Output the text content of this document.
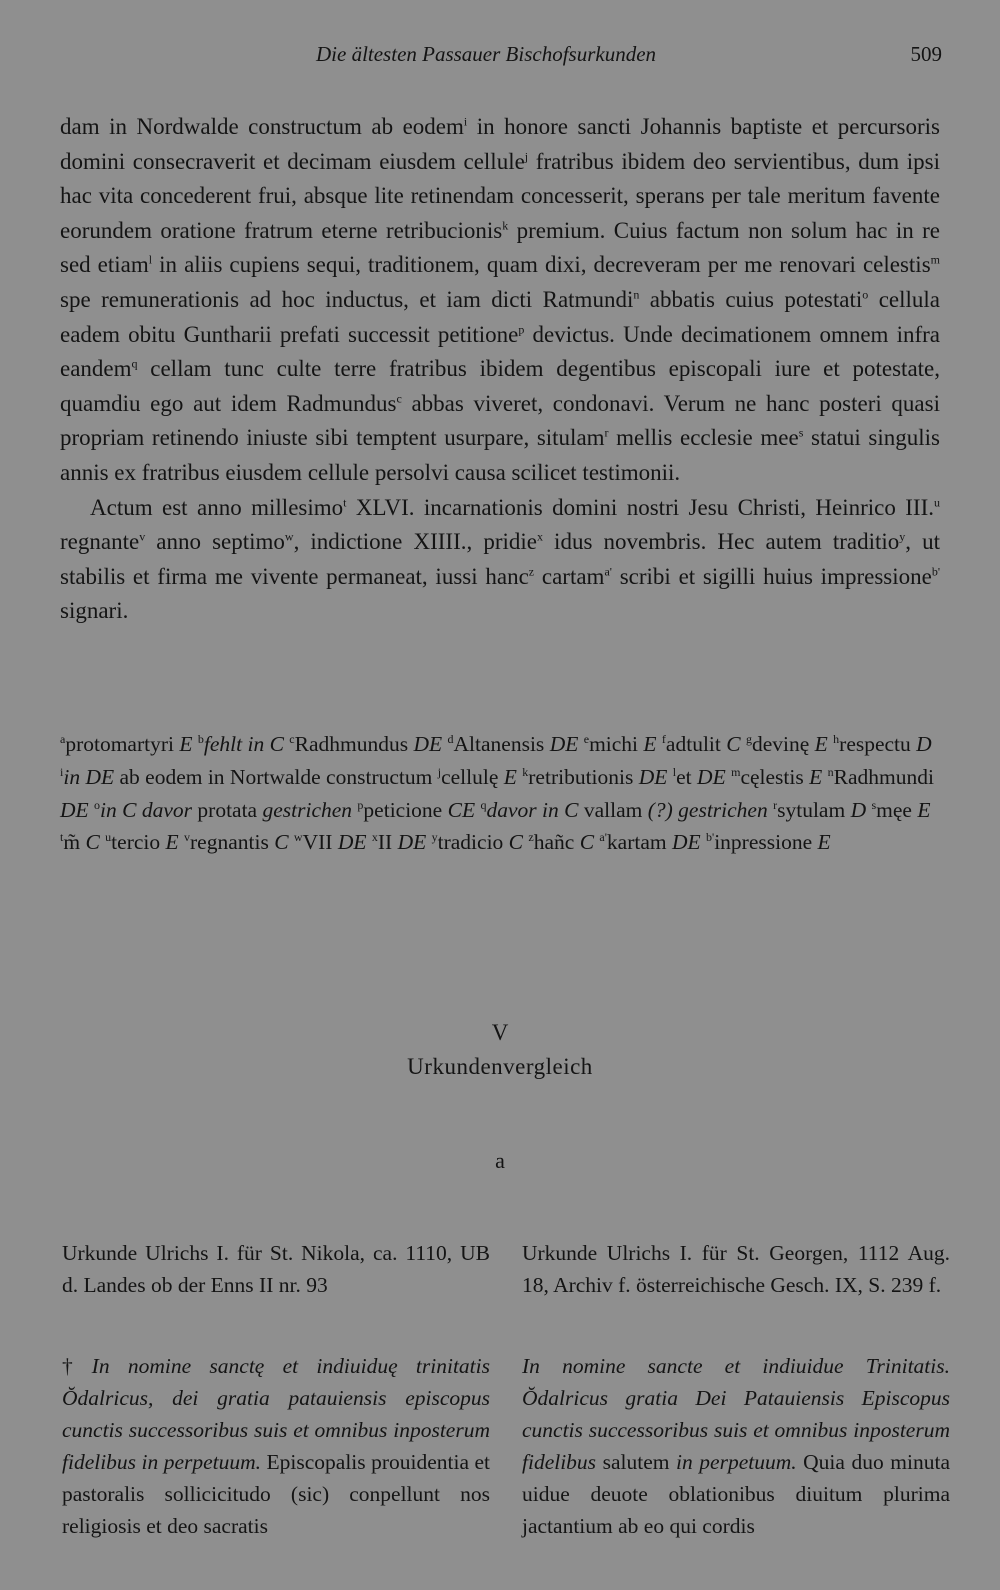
Die ältesten Passauer Bischofsurkunden	509

dam in Nordwalde constructum ab eodem$^i$ in honore sancti Johannis baptiste et percursoris domini consecraverit et decimam eiusdem cellule$^j$ fratribus ibidem deo servientibus, dum ipsi hac vita concederent frui, absque lite retinendam concesserit, sperans per tale meritum favente eorundem oratione fratrum eterne retribucionis$^k$ premium. Cuius factum non solum hac in re sed etiam$^l$ in aliis cupiens sequi, traditionem, quam dixi, decreveram per me renovari celestis$^m$ spe remunerationis ad hoc inductus, et iam dicti Ratmundi$^n$ abbatis cuius potestati$^o$ cellula eadem obitu Guntharii prefati successit petitione$^p$ devictus. Unde decimationem omnem infra eandem$^q$ cellam tunc culte terre fratribus ibidem degentibus episcopali iure et potestate, quamdiu ego aut idem Radmundus$^c$ abbas viveret, condonavi. Verum ne hanc posteri quasi propriam retinendo iniuste sibi temptent usurpare, situlam$^r$ mellis ecclesie mee$^s$ statui singulis annis ex fratribus eiusdem cellule persolvi causa scilicet testimonii.

Actum est anno millesimo$^t$ XLVI. incarnationis domini nostri Jesu Christi, Heinrico III.$^u$ regnante$^v$ anno septimo$^w$, indictione XIIII., pridie$^x$ idus novembris. Hec autem traditio$^y$, ut stabilis et firma me vivente permaneat, iussi hanc$^z$ cartam$^{a'}$ scribi et sigilli huius impressione$^{b'}$ signari.

$^a$protomartyri E $^b$fehlt in C $^c$Radhmundus DE $^d$Altanensis DE $^e$michi E $^f$adtulit C $^g$devinę E $^h$respectu D $^i$in DE ab eodem in Nortwalde constructum $^j$cellulę E $^k$retributionis DE $^l$et DE $^m$cęlestis E $^n$Radhmundi DE $^o$in C davor protata gestrichen $^p$peticione CE $^q$davor in C vallam (?) gestrichen $^r$sytulam D $^s$męe E $^t$m̃ C $^u$tercio E $^v$regnantis C $^w$VII DE $^x$II DE $^y$tradicio C $^z$hañc C $^{a'}$kartam DE $^{b'}$inpressione E
V
Urkundenvergleich
a
Urkunde Ulrichs I. für St. Nikola, ca. 1110, UB d. Landes ob der Enns II nr. 93
Urkunde Ulrichs I. für St. Georgen, 1112 Aug. 18, Archiv f. österreichische Gesch. IX, S. 239 f.
† In nomine sanctę et indiuiduę trinitatis Ŏdalricus, dei gratia patauiensis episcopus cunctis successoribus suis et omnibus inposterum fidelibus in perpetuum. Episcopalis prouidentia et pastoralis sollicicitudo (sic) conpellunt nos religiosis et deo sacratis
In nomine sancte et indiuidue Trinitatis. Ŏdalricus gratia Dei Patauiensis Episcopus cunctis successoribus suis et omnibus inposterum fidelibus salutem in perpetuum. Quia duo minuta uidue deuote oblationibus diuitum plurima jactantium ab eo qui cordis
